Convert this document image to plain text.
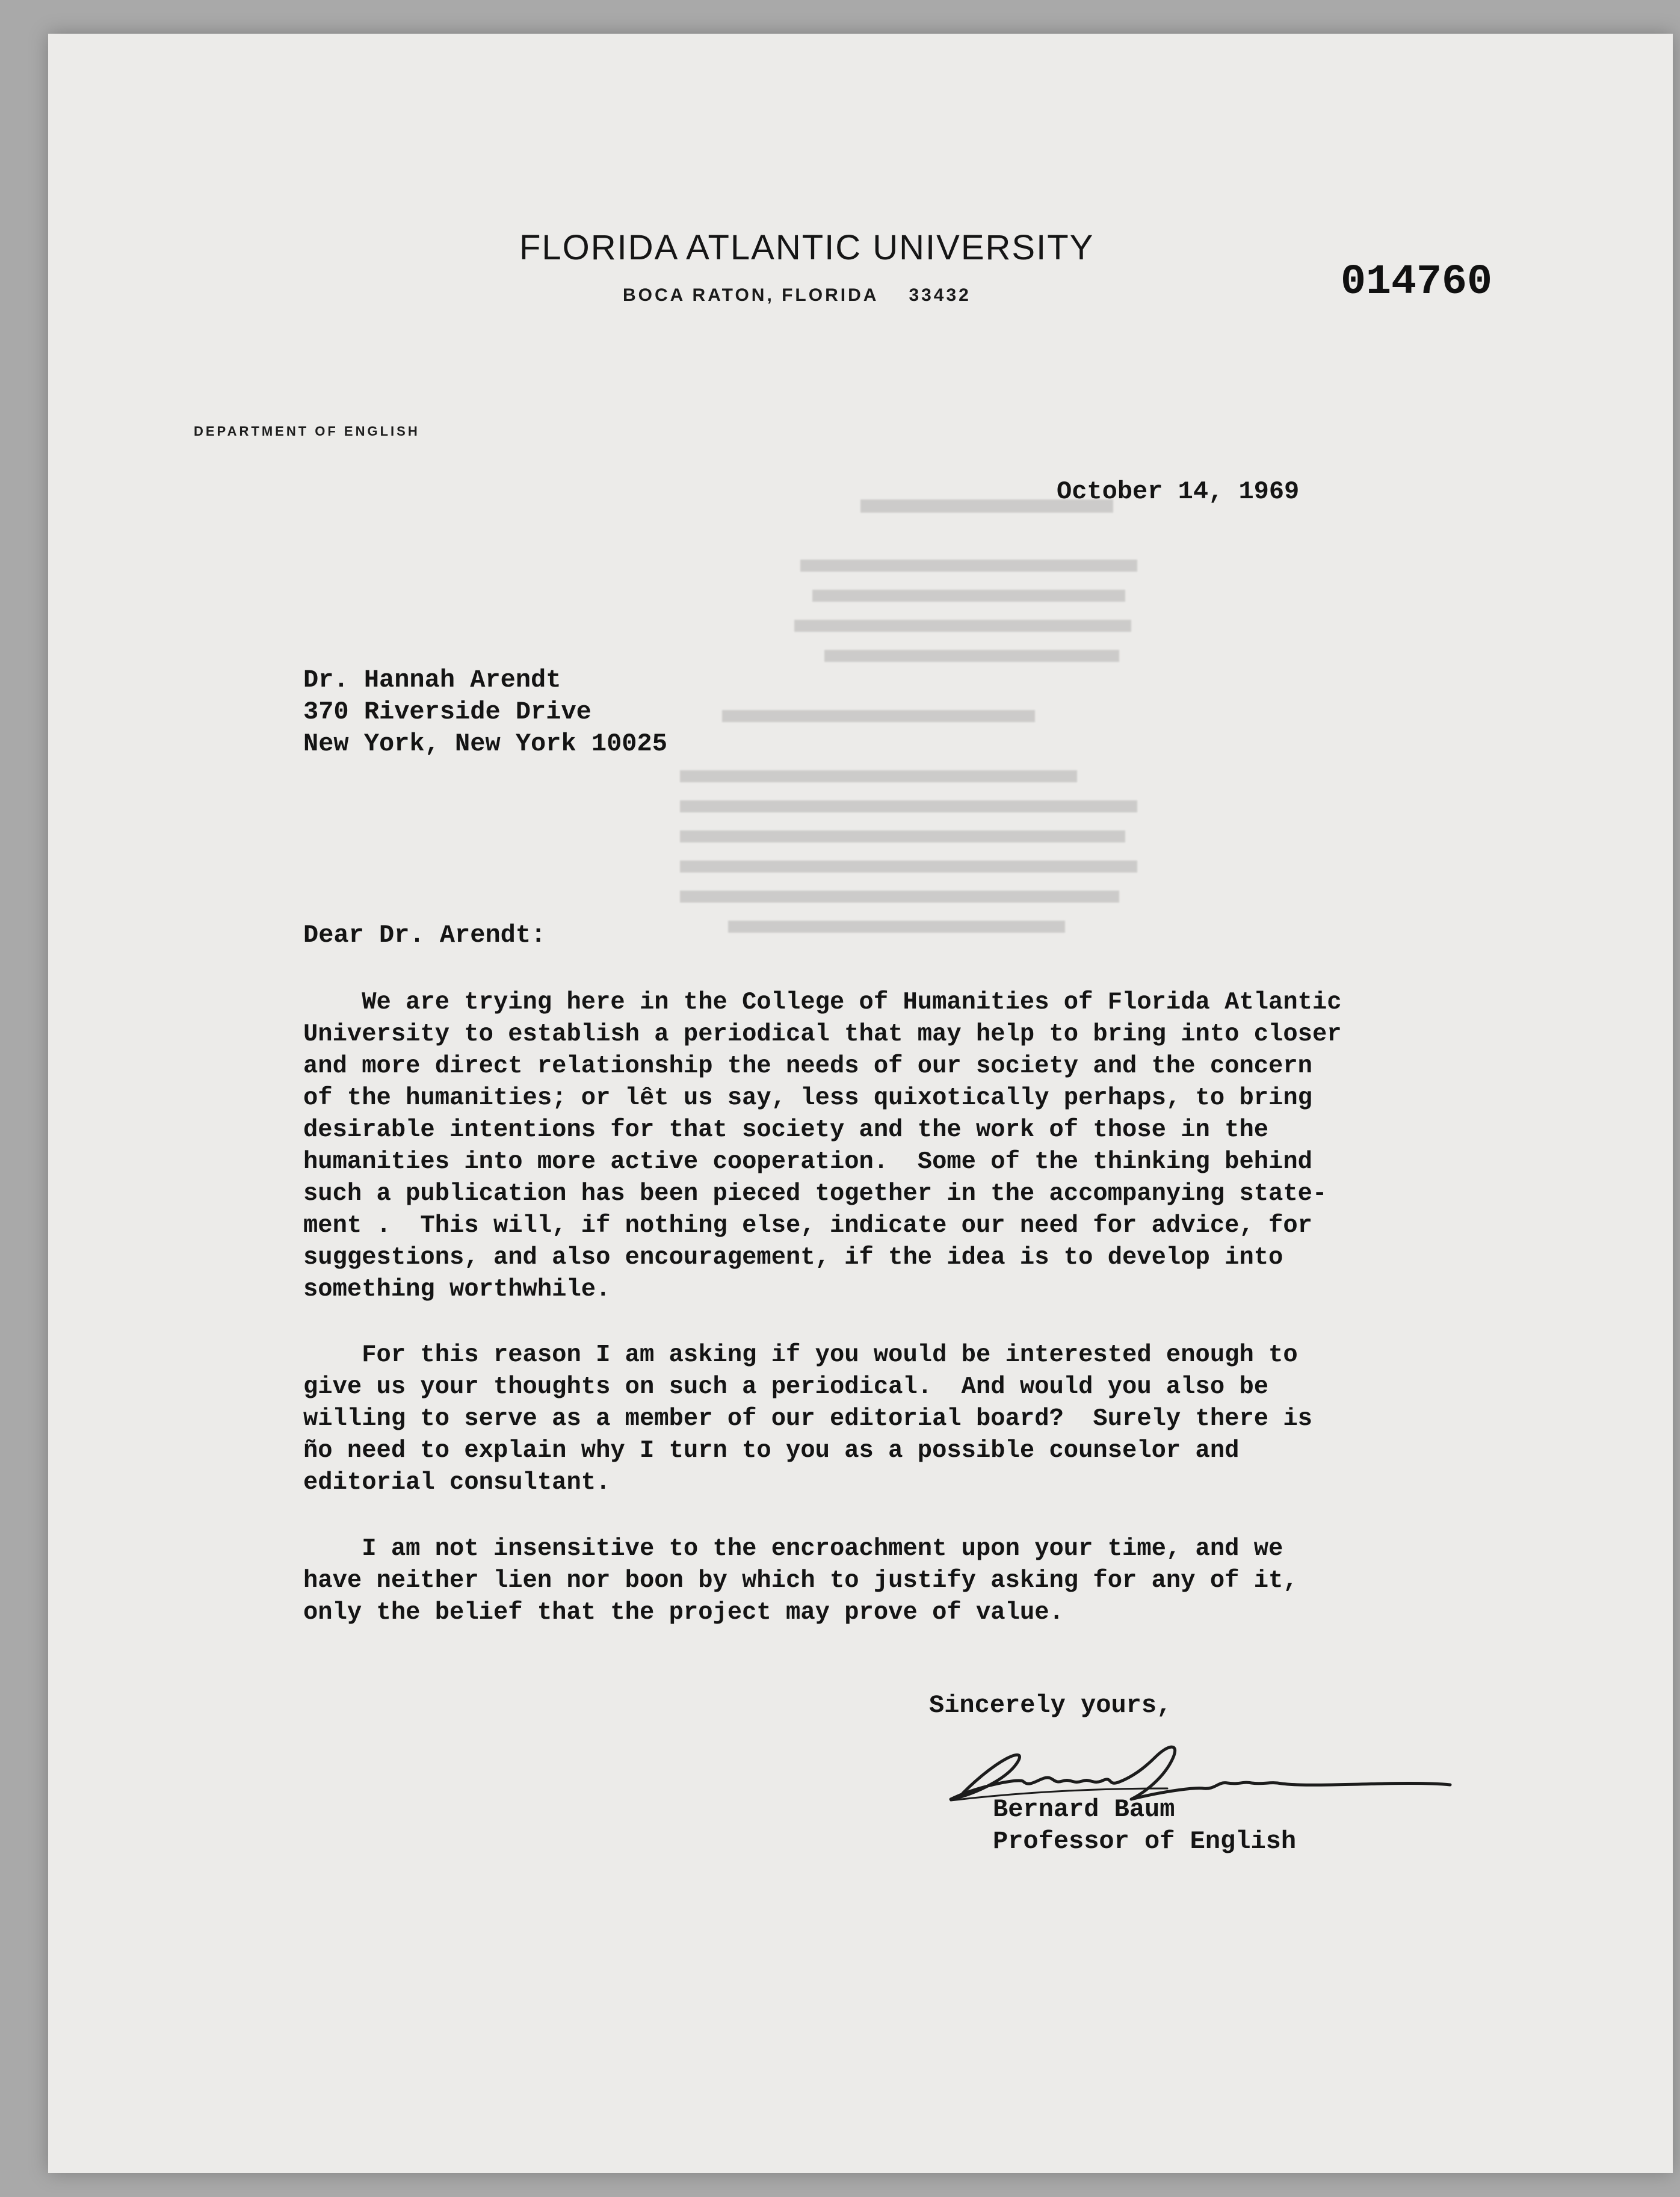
FLORIDA ATLANTIC UNIVERSITY
BOCA RATON, FLORIDA 33432	014760
DEPARTMENT OF ENGLISH
October 14, 1969
Dr. Hannah Arendt
370 Riverside Drive
New York, New York 10025
Dear Dr. Arendt:
We are trying here in the College of Humanities of Florida Atlantic
University to establish a periodical that may help to bring into closer
and more direct relationship the needs of our society and the concern
of the humanities; or lêt us say, less quixotically perhaps, to bring
desirable intentions for that society and the work of those in the
humanities into more active cooperation.  Some of the thinking behind
such a publication has been pieced together in the accompanying state-
ment .  This will, if nothing else, indicate our need for advice, for
suggestions, and also encouragement, if the idea is to develop into
something worthwhile.
For this reason I am asking if you would be interested enough to
give us your thoughts on such a periodical.  And would you also be
willing to serve as a member of our editorial board?  Surely there is
ño need to explain why I turn to you as a possible counselor and
editorial consultant.
I am not insensitive to the encroachment upon your time, and we
have neither lien nor boon by which to justify asking for any of it,
only the belief that the project may prove of value.
Sincerely yours,
Bernard Baum
Professor of English
